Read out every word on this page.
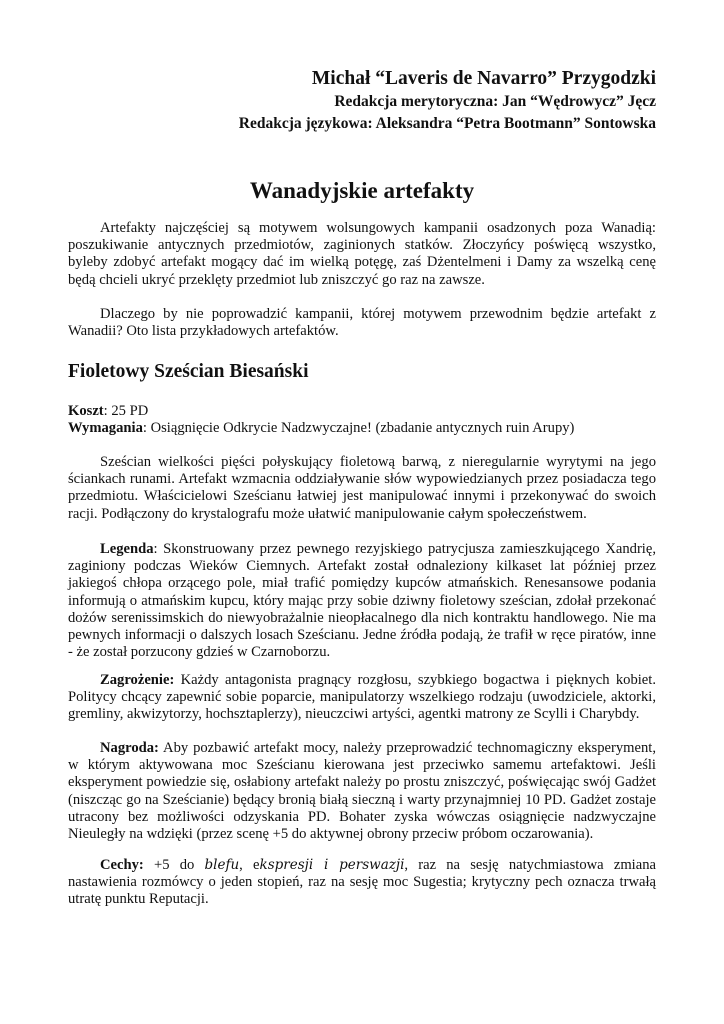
Michał “Laveris de Navarro” Przygodzki
Redakcja merytoryczna: Jan “Wędrowycz” Jęcz
Redakcja językowa: Aleksandra “Petra Bootmann” Sontowska
Wanadyjskie artefakty

Artefakty najczęściej są motywem wolsungowych kampanii osadzonych poza Wanadią: poszukiwanie antycznych przedmiotów, zaginionych statków. Złoczyńcy poświęcą wszystko, byleby zdobyć artefakt mogący dać im wielką potęgę, zaś Dżentelmeni i Damy za wszelką cenę będą chcieli ukryć przeklęty przedmiot lub zniszczyć go raz na zawsze.

Dlaczego by nie poprowadzić kampanii, której motywem przewodnim będzie artefakt z Wanadii? Oto lista przykładowych artefaktów.

Fioletowy Sześcian Biesański
Koszt: 25 PD
Wymagania: Osiągnięcie Odkrycie Nadzwyczajne! (zbadanie antycznych ruin Arupy)

Sześcian wielkości pięści połyskujący fioletową barwą, z nieregularnie wyrytymi na jego ściankach runami. Artefakt wzmacnia oddziaływanie słów wypowiedzianych przez posiadacza tego przedmiotu. Właścicielowi Sześcianu łatwiej jest manipulować innymi i przekonywać do swoich racji. Podłączony do krystalografu może ułatwić manipulowanie całym społeczeństwem.

Legenda: Skonstruowany przez pewnego rezyjskiego patrycjusza zamieszkującego Xandrię, zaginiony podczas Wieków Ciemnych. Artefakt został odnaleziony kilkaset lat później przez jakiegoś chłopa orzącego pole, miał trafić pomiędzy kupców atmańskich. Renesansowe podania informują o atmańskim kupcu, który mając przy sobie dziwny fioletowy sześcian, zdołał przekonać dożów serenissimskich do niewyobrażalnie nieopłacalnego dla nich kontraktu handlowego. Nie ma pewnych informacji o dalszych losach Sześcianu. Jedne źródła podają, że trafił w ręce piratów, inne - że został porzucony gdzieś w Czarnoborzu.

Zagrożenie: Każdy antagonista pragnący rozgłosu, szybkiego bogactwa i pięknych kobiet. Politycy chcący zapewnić sobie poparcie, manipulatorzy wszelkiego rodzaju (uwodziciele, aktorki, gremliny, akwizytorzy, hochsztaplerzy), nieuczciwi artyści, agentki matrony ze Scylli i Charybdy.

Nagroda: Aby pozbawić artefakt mocy, należy przeprowadzić technomagiczny eksperyment, w którym aktywowana moc Sześcianu kierowana jest przeciwko samemu artefaktowi. Jeśli eksperyment powiedzie się, osłabiony artefakt należy po prostu zniszczyć, poświęcając swój Gadżet (niszcząc go na Sześcianie) będący bronią białą sieczną i warty przynajmniej 10 PD. Gadżet zostaje utracony bez możliwości odzyskania PD. Bohater zyska wówczas osiągnięcie nadzwyczajne Nieuległy na wdzięki (przez scenę +5 do aktywnej obrony przeciw próbom oczarowania).

Cechy: +5 do blefu, ekspresji i perswazji, raz na sesję natychmiastowa zmiana nastawienia rozmówcy o jeden stopień, raz na sesję moc Sugestia; krytyczny pech oznacza trwałą utratę punktu Reputacji.
